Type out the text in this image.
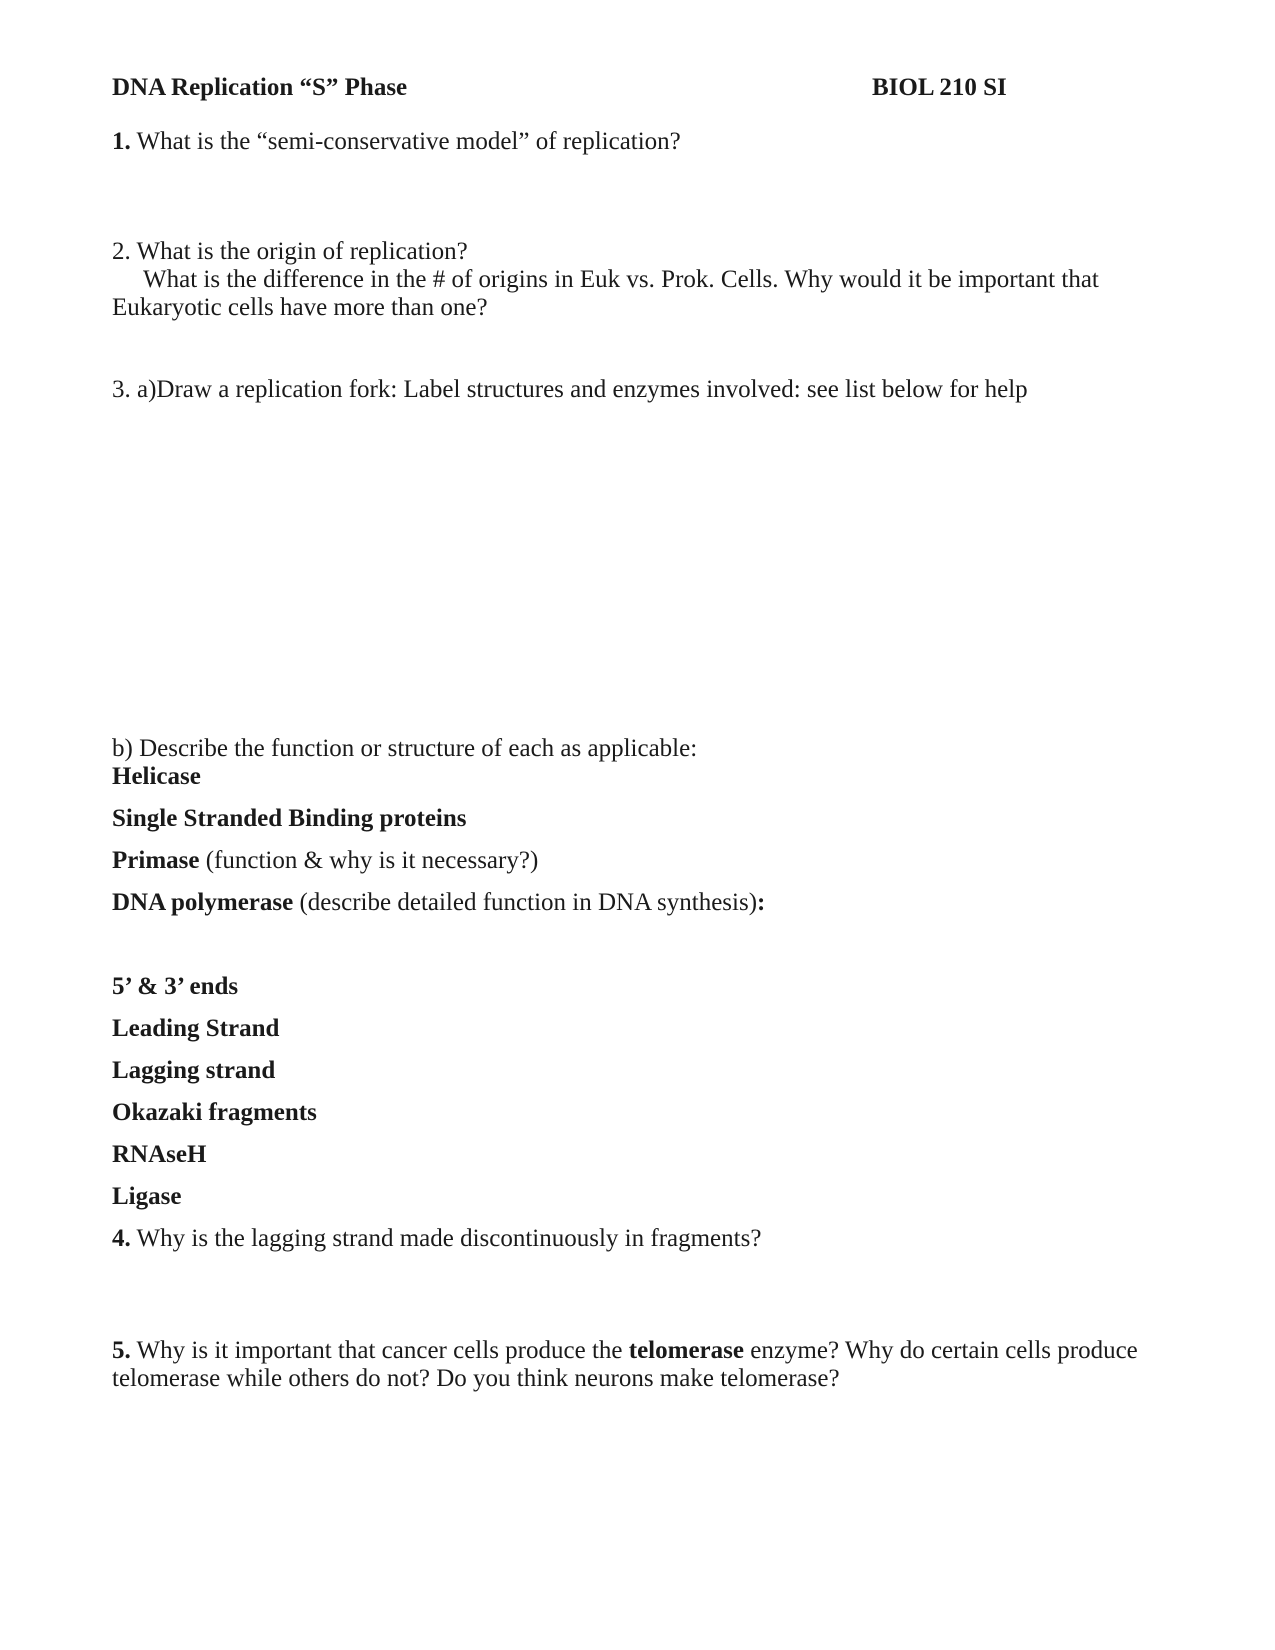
DNA Replication “S” Phase	BIOL 210 SI
1. What is the “semi-conservative model” of replication?
2. What is the origin of replication?
What is the difference in the # of origins in Euk vs. Prok. Cells. Why would it be important that
Eukaryotic cells have more than one?
3. a)Draw a replication fork: Label structures and enzymes involved: see list below for help
b) Describe the function or structure of each as applicable:
Helicase
Single Stranded Binding proteins
Primase (function & why is it necessary?)
DNA polymerase (describe detailed function in DNA synthesis):
5’ & 3’ ends
Leading Strand
Lagging strand
Okazaki fragments
RNAseH
Ligase
4. Why is the lagging strand made discontinuously in fragments?
5. Why is it important that cancer cells produce the telomerase enzyme? Why do certain cells produce
telomerase while others do not? Do you think neurons make telomerase?
